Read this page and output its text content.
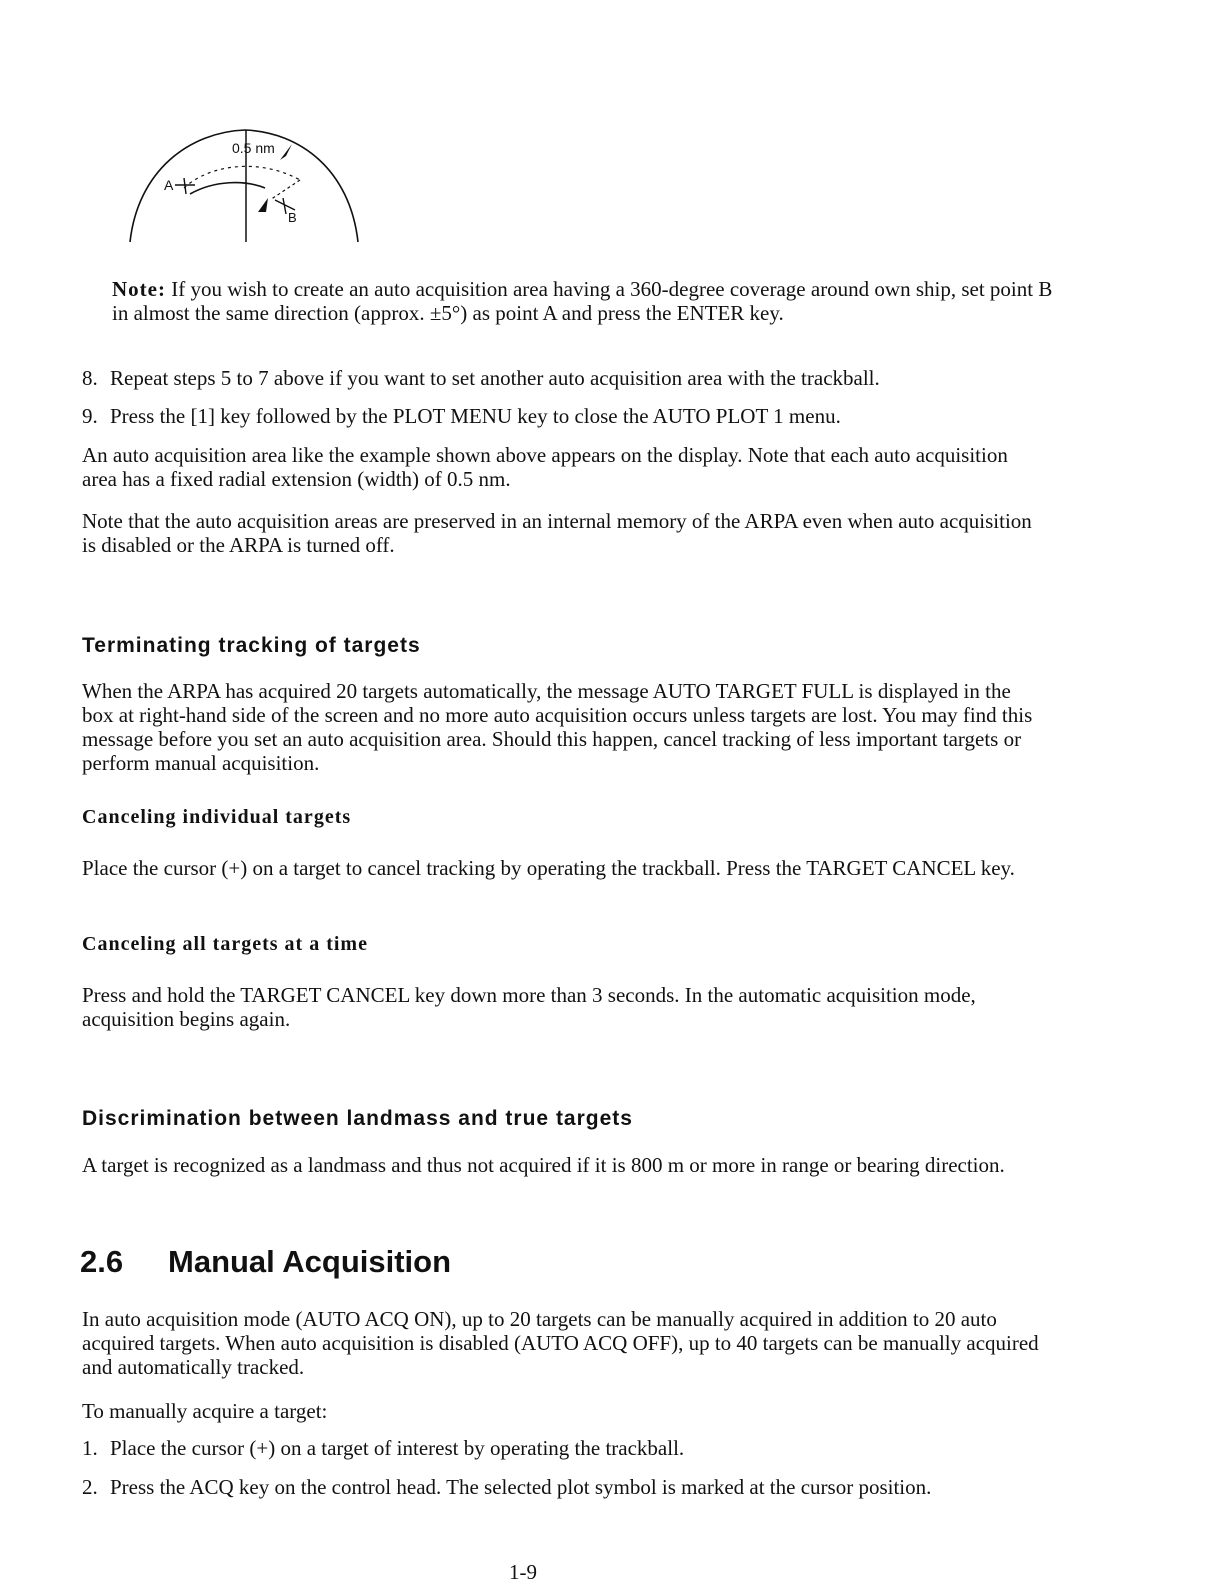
0.5 nm
A
B

Note: If you wish to create an auto acquisition area having a 360-degree coverage around own ship, set point B in almost the same direction (approx. ±5°) as point A and press the ENTER key.

8. Repeat steps 5 to 7 above if you want to set another auto acquisition area with the trackball.

9. Press the [1] key followed by the PLOT MENU key to close the AUTO PLOT 1 menu.

An auto acquisition area like the example shown above appears on the display. Note that each auto acquisition area has a fixed radial extension (width) of 0.5 nm.

Note that the auto acquisition areas are preserved in an internal memory of the ARPA even when auto acquisition is disabled or the ARPA is turned off.

Terminating tracking of targets

When the ARPA has acquired 20 targets automatically, the message AUTO TARGET FULL is displayed in the box at right-hand side of the screen and no more auto acquisition occurs unless targets are lost. You may find this message before you set an auto acquisition area. Should this happen, cancel tracking of less important targets or perform manual acquisition.

Canceling individual targets

Place the cursor (+) on a target to cancel tracking by operating the trackball. Press the TARGET CANCEL key.

Canceling all targets at a time

Press and hold the TARGET CANCEL key down more than 3 seconds. In the automatic acquisition mode, acquisition begins again.

Discrimination between landmass and true targets

A target is recognized as a landmass and thus not acquired if it is 800 m or more in range or bearing direction.

2.6 Manual Acquisition

In auto acquisition mode (AUTO ACQ ON), up to 20 targets can be manually acquired in addition to 20 auto acquired targets. When auto acquisition is disabled (AUTO ACQ OFF), up to 40 targets can be manually acquired and automatically tracked.

To manually acquire a target:

1. Place the cursor (+) on a target of interest by operating the trackball.

2. Press the ACQ key on the control head. The selected plot symbol is marked at the cursor position.

1-9
